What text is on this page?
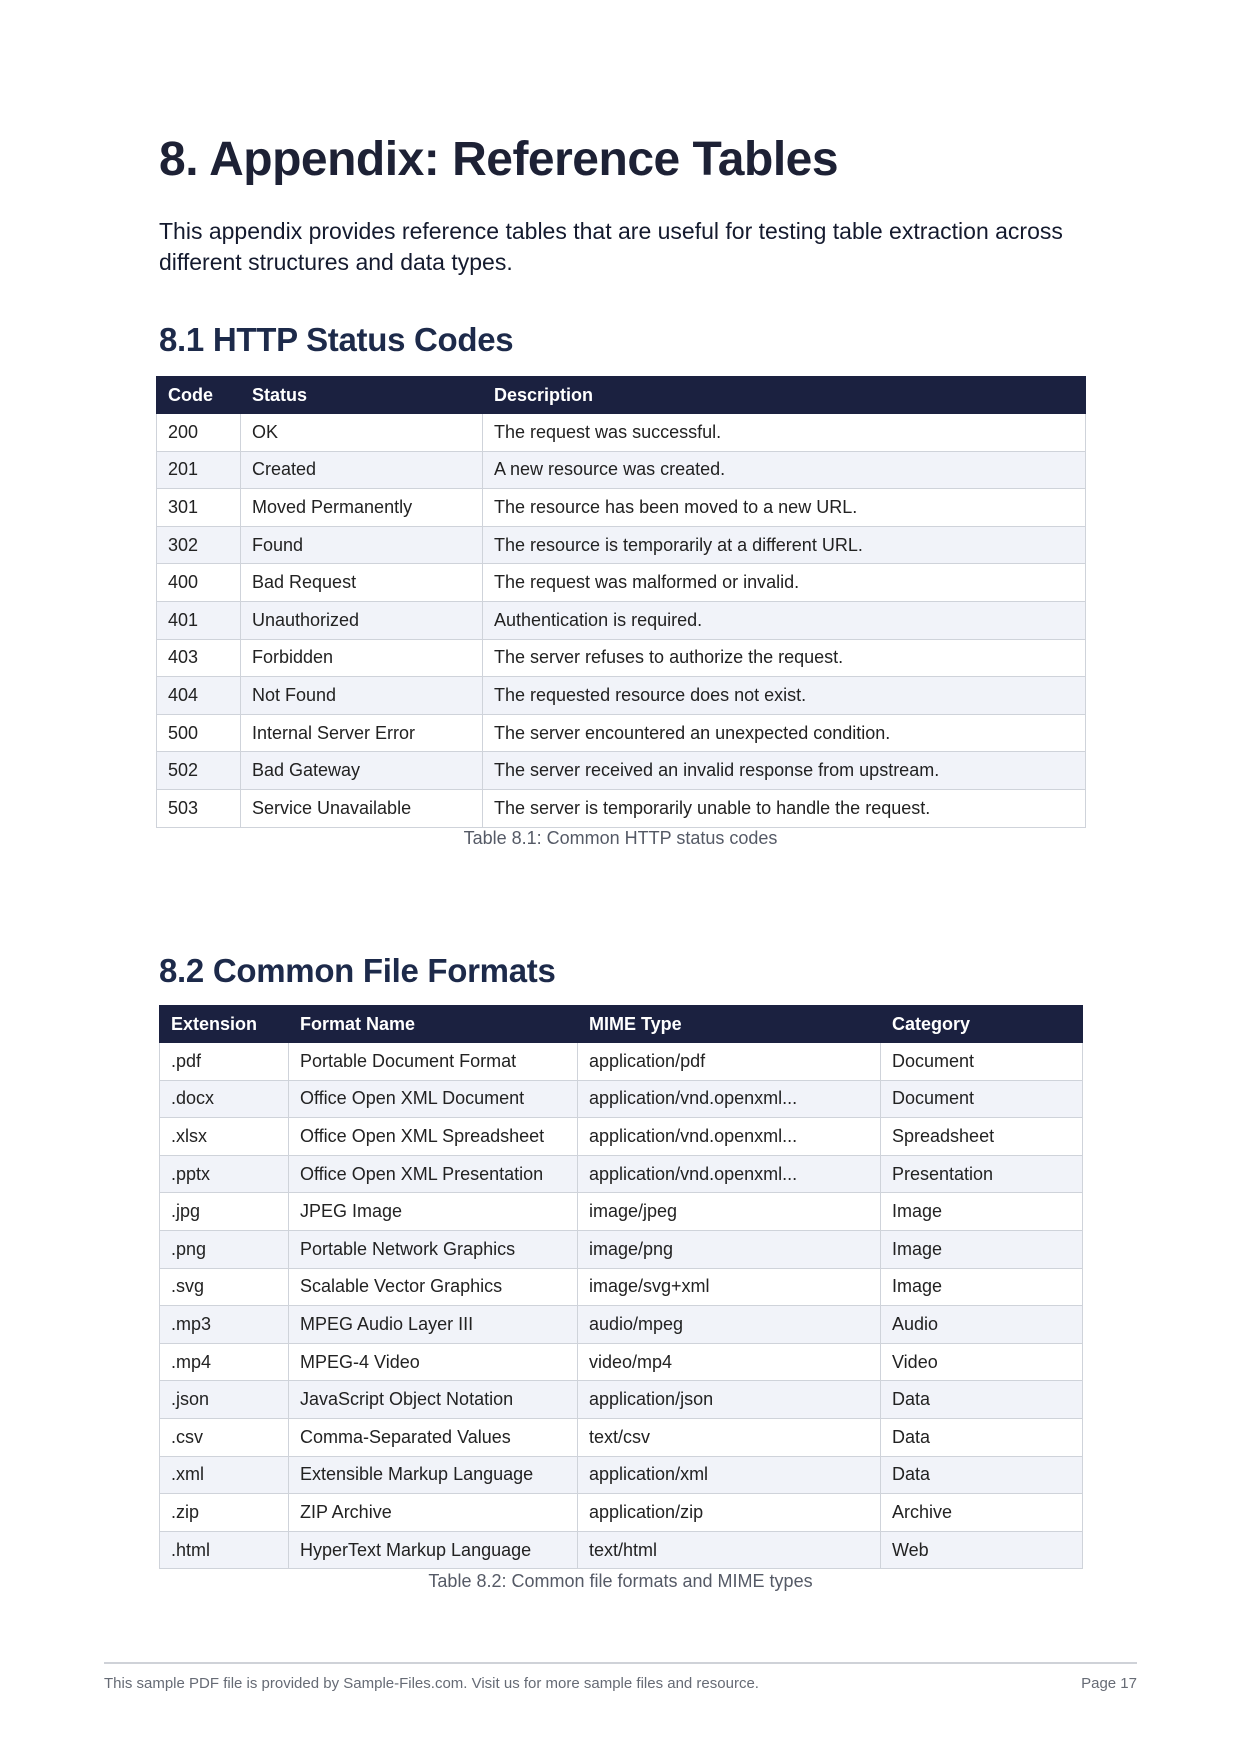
8. Appendix: Reference Tables

This appendix provides reference tables that are useful for testing table extraction across different structures and data types.

8.1 HTTP Status Codes
Code	Status	Description
200	OK	The request was successful.
201	Created	A new resource was created.
301	Moved Permanently	The resource has been moved to a new URL.
302	Found	The resource is temporarily at a different URL.
400	Bad Request	The request was malformed or invalid.
401	Unauthorized	Authentication is required.
403	Forbidden	The server refuses to authorize the request.
404	Not Found	The requested resource does not exist.
500	Internal Server Error	The server encountered an unexpected condition.
502	Bad Gateway	The server received an invalid response from upstream.
503	Service Unavailable	The server is temporarily unable to handle the request.

Table 8.1: Common HTTP status codes

8.2 Common File Formats
Extension	Format Name	MIME Type	Category
.pdf	Portable Document Format	application/pdf	Document
.docx	Office Open XML Document	application/vnd.openxml...	Document
.xlsx	Office Open XML Spreadsheet	application/vnd.openxml...	Spreadsheet
.pptx	Office Open XML Presentation	application/vnd.openxml...	Presentation
.jpg	JPEG Image	image/jpeg	Image
.png	Portable Network Graphics	image/png	Image
.svg	Scalable Vector Graphics	image/svg+xml	Image
.mp3	MPEG Audio Layer III	audio/mpeg	Audio
.mp4	MPEG-4 Video	video/mp4	Video
.json	JavaScript Object Notation	application/json	Data
.csv	Comma-Separated Values	text/csv	Data
.xml	Extensible Markup Language	application/xml	Data
.zip	ZIP Archive	application/zip	Archive
.html	HyperText Markup Language	text/html	Web

Table 8.2: Common file formats and MIME types

This sample PDF file is provided by Sample-Files.com. Visit us for more sample files and resource.	Page 17
